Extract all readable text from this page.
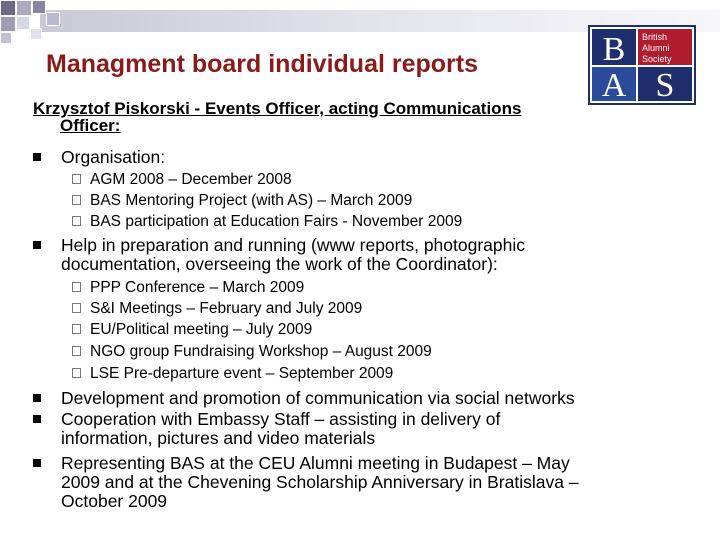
Managment board individual reports	B
A S
British
Alumni
Society
Krzysztof Piskorski - Events Officer, acting Communications
Officer:
Organisation:
AGM 2008 – December 2008
BAS Mentoring Project (with AS) – March 2009
BAS participation at Education Fairs - November 2009
Help in preparation and running (www reports, photographic
documentation, overseeing the work of the Coordinator):
PPP Conference – March 2009
S&I Meetings – February and July 2009
EU/Political meeting – July 2009
NGO group Fundraising Workshop – August 2009
LSE Pre-departure event – September 2009
Development and promotion of communication via social networks
Cooperation with Embassy Staff – assisting in delivery of
information, pictures and video materials
Representing BAS at the CEU Alumni meeting in Budapest – May
2009 and at the Chevening Scholarship Anniversary in Bratislava –
October 2009
